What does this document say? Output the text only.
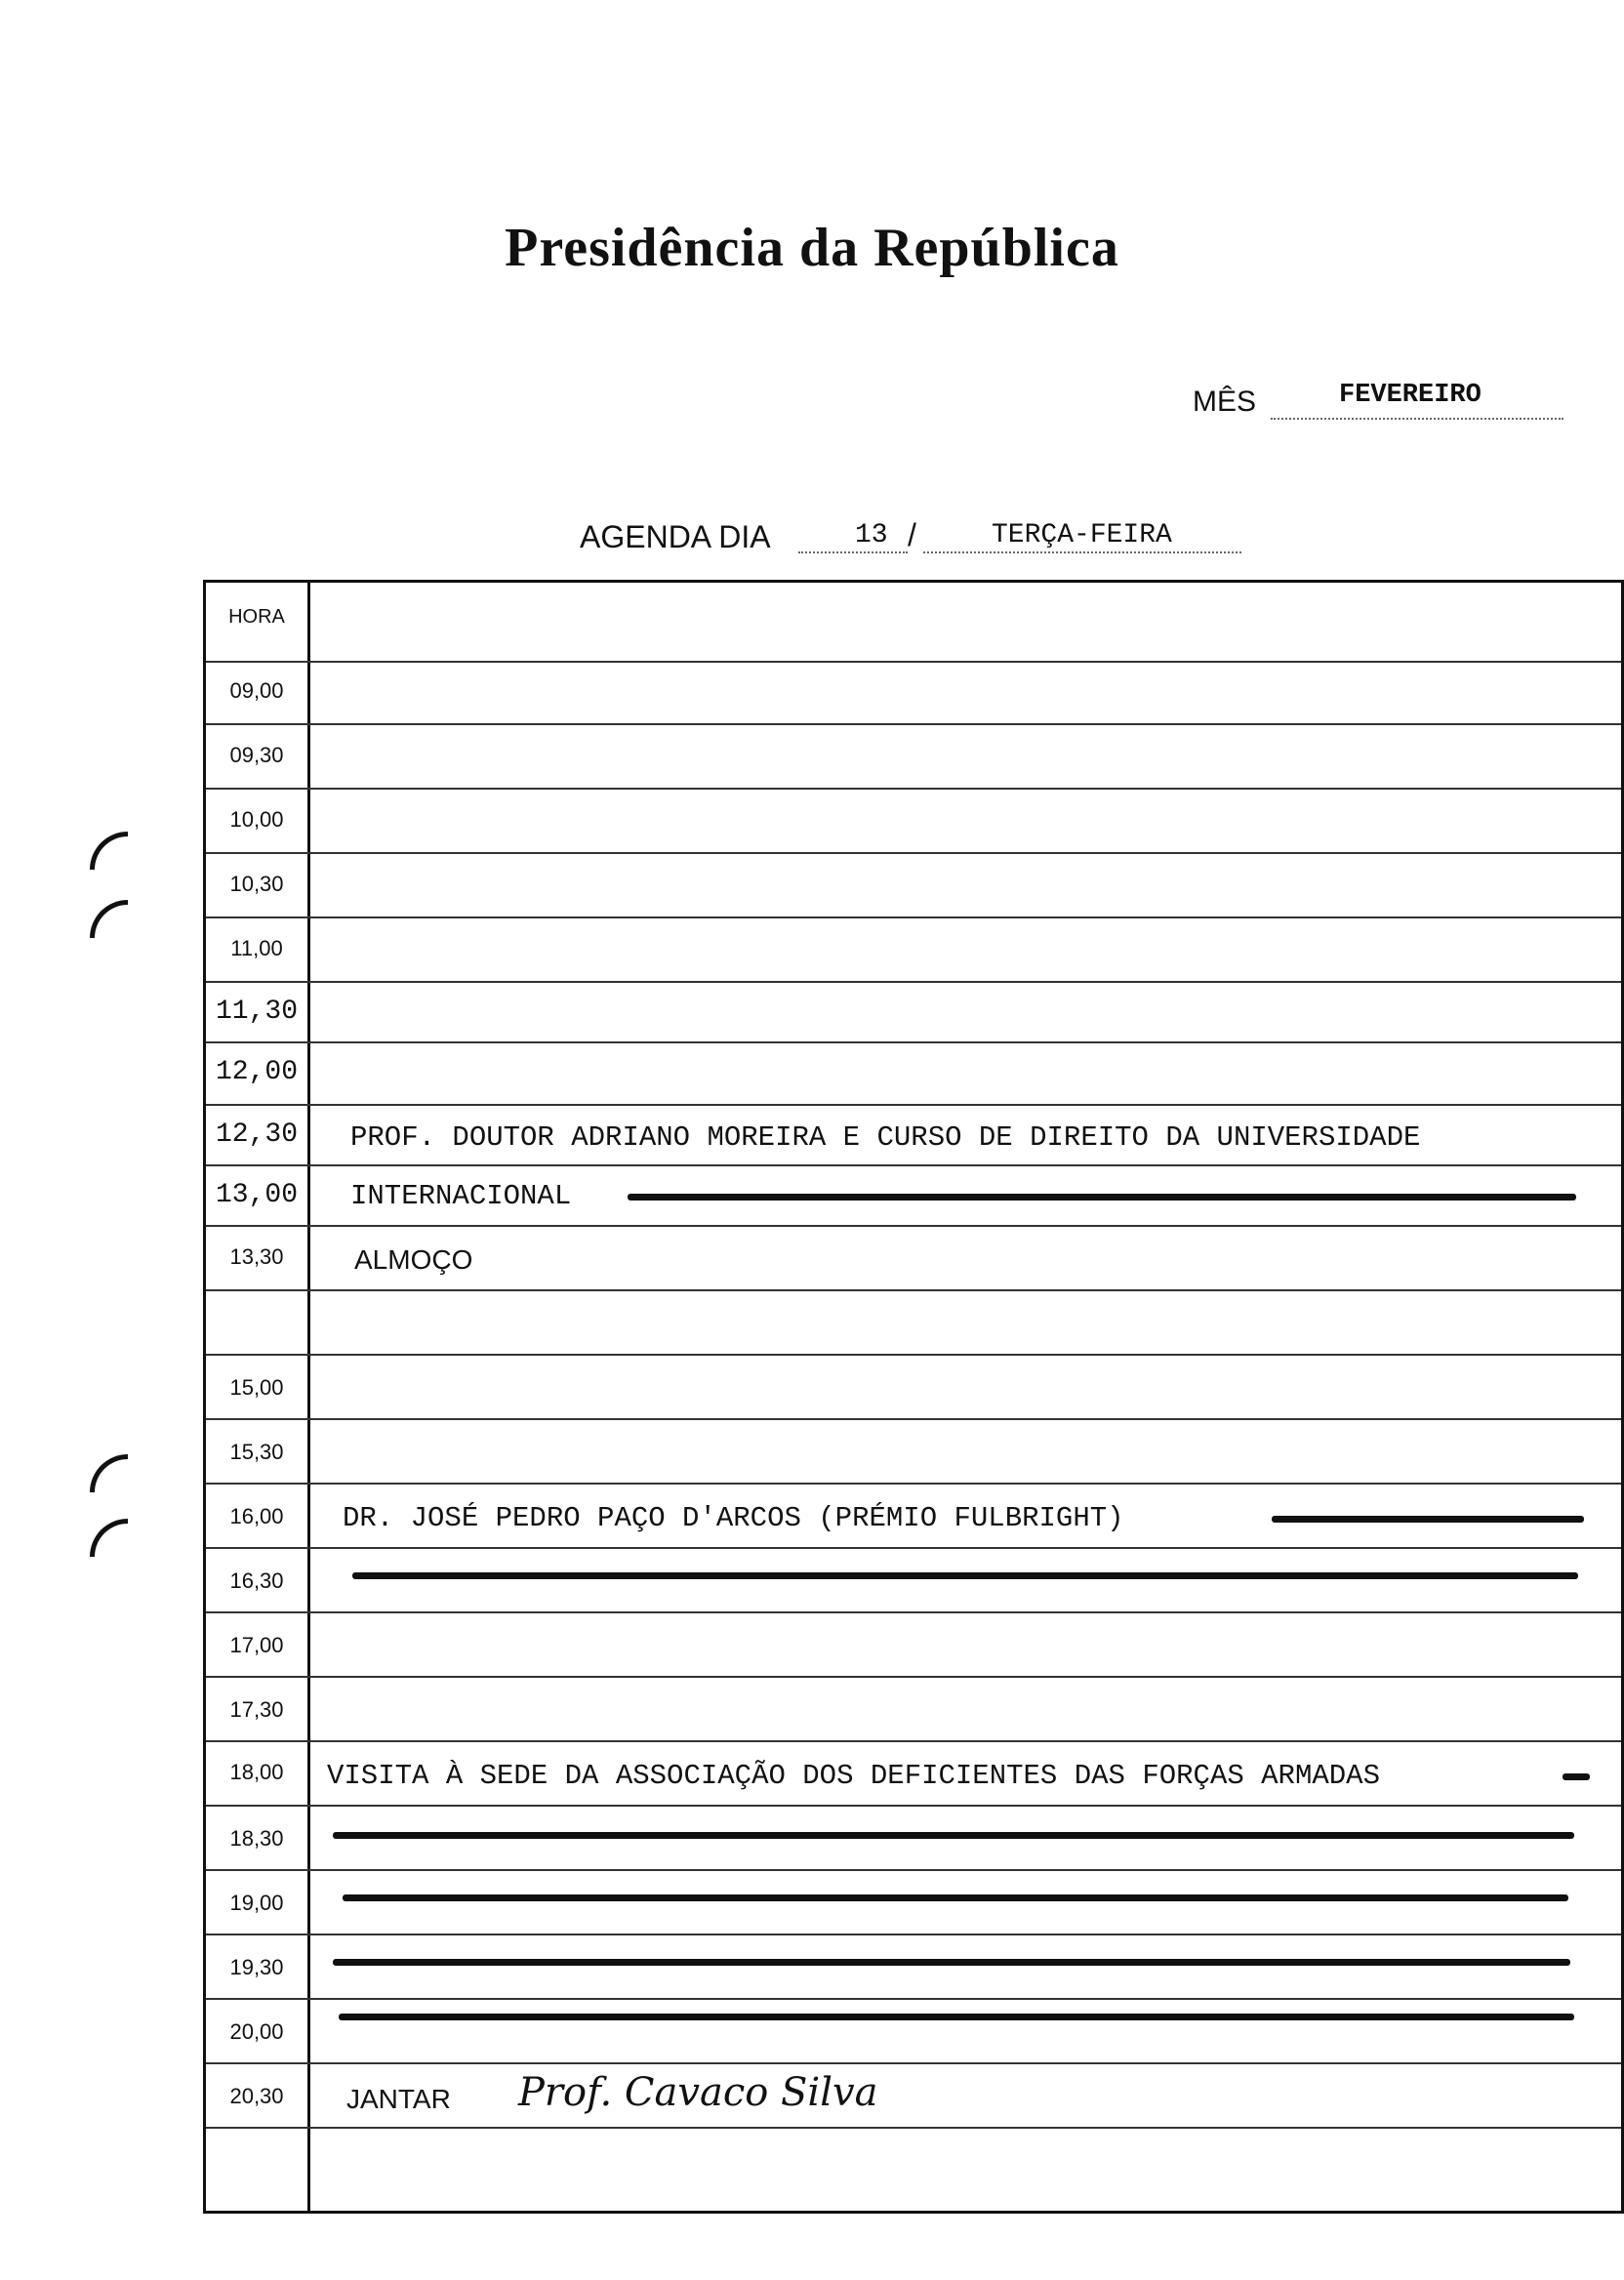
Presidência da República
MÊS	FEVEREIRO
AGENDA DIA	13 /	TERÇA-FEIRA
HORA
09,00
09,30
10,00
10,30
11,00
11,30
12,00
12,30	PROF. DOUTOR ADRIANO MOREIRA E CURSO DE DIREITO DA UNIVERSIDADE
13,00	INTERNACIONAL
13,30	ALMOÇO
15,00
15,30
16,00	DR. JOSÉ PEDRO PAÇO D'ARCOS (PRÉMIO FULBRIGHT)
16,30
17,00
17,30
18,00	VISITA À SEDE DA ASSOCIAÇÃO DOS DEFICIENTES DAS FORÇAS ARMADAS
18,30
19,00
19,30
20,00
20,30	JANTAR Prof. Cavaco Silva
